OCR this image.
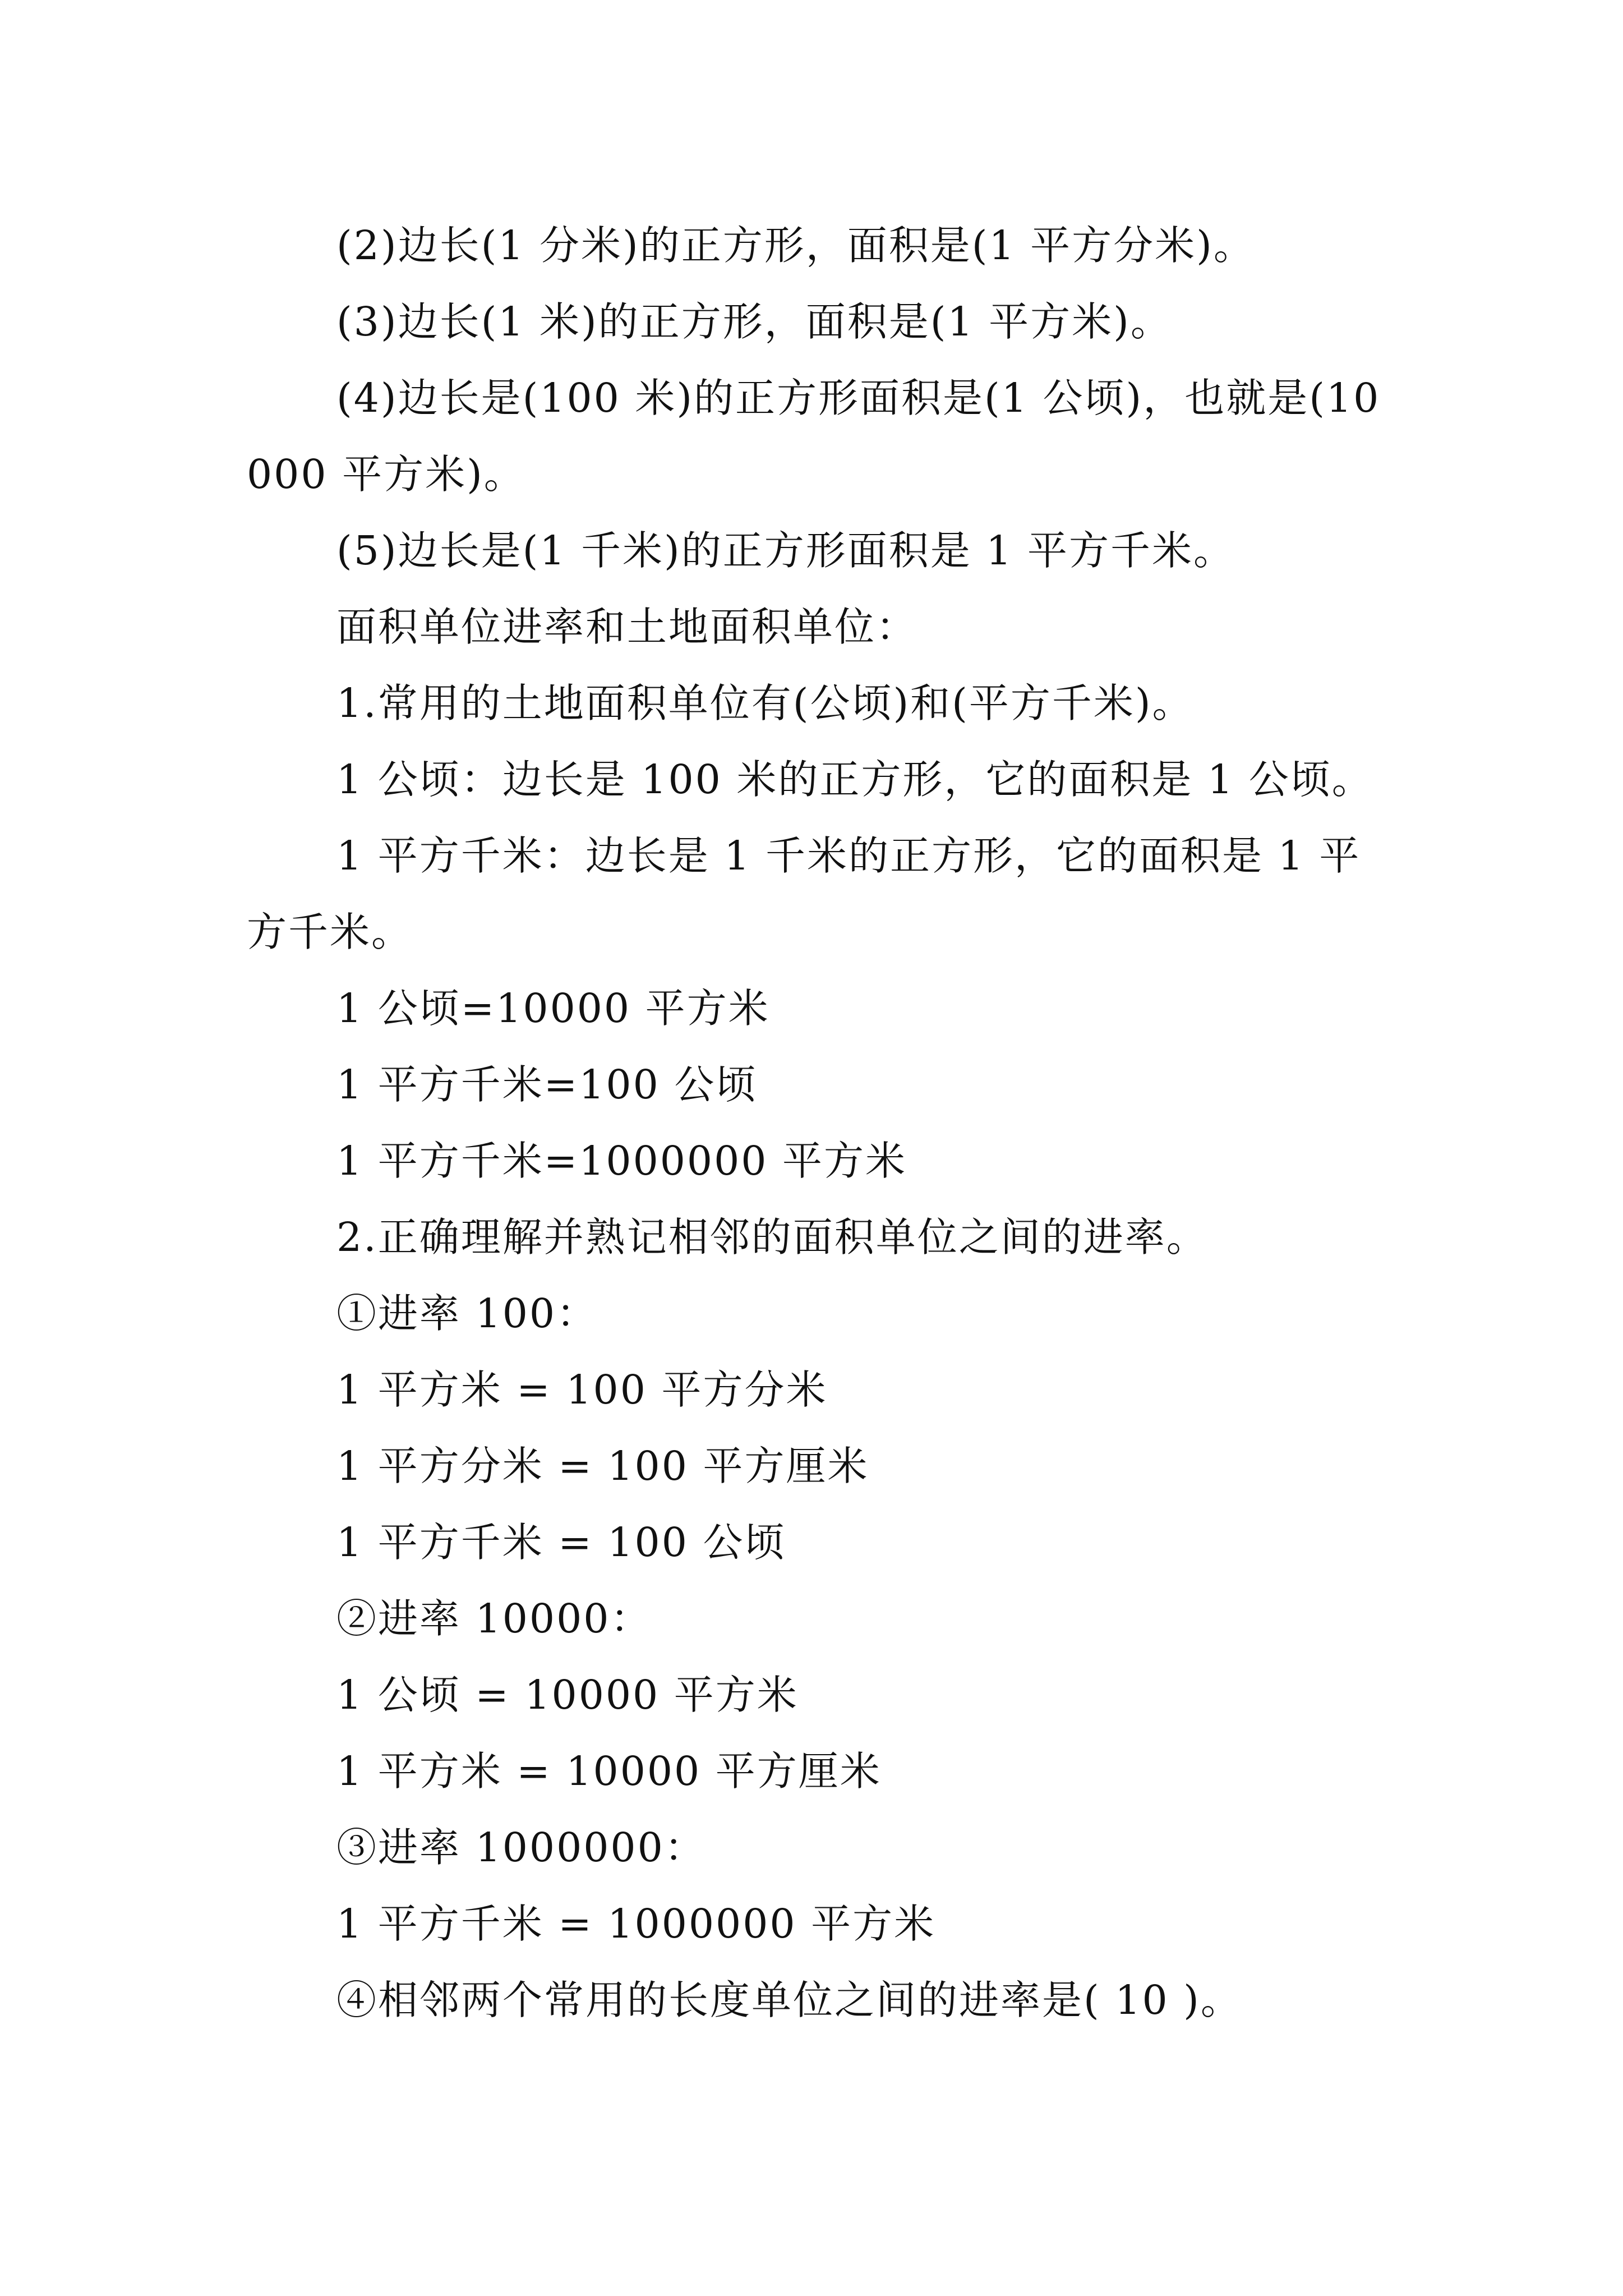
(2)边长(1 分米)的正方形，面积是(1 平方分米)。

(3)边长(1 米)的正方形，面积是(1 平方米)。

(4)边长是(100 米)的正方形面积是(1 公顷)，也就是(10000 平方米)。

(5)边长是(1 千米)的正方形面积是 1 平方千米。

面积单位进率和土地面积单位：

1.常用的土地面积单位有(公顷)和(平方千米)。

1 公顷：边长是 100 米的正方形，它的面积是 1 公顷。

1 平方千米：边长是 1 千米的正方形，它的面积是 1 平方千米。

1 公顷=10000 平方米

1 平方千米=100 公顷

1 平方千米=1000000 平方米

2.正确理解并熟记相邻的面积单位之间的进率。

①进率 100：

1 平方米 = 100 平方分米

1 平方分米 = 100 平方厘米

1 平方千米 = 100 公顷

②进率 10000：

1 公顷 = 10000 平方米

1 平方米 = 10000 平方厘米

③进率 1000000：

1 平方千米 = 1000000 平方米

④相邻两个常用的长度单位之间的进率是( 10 )。
